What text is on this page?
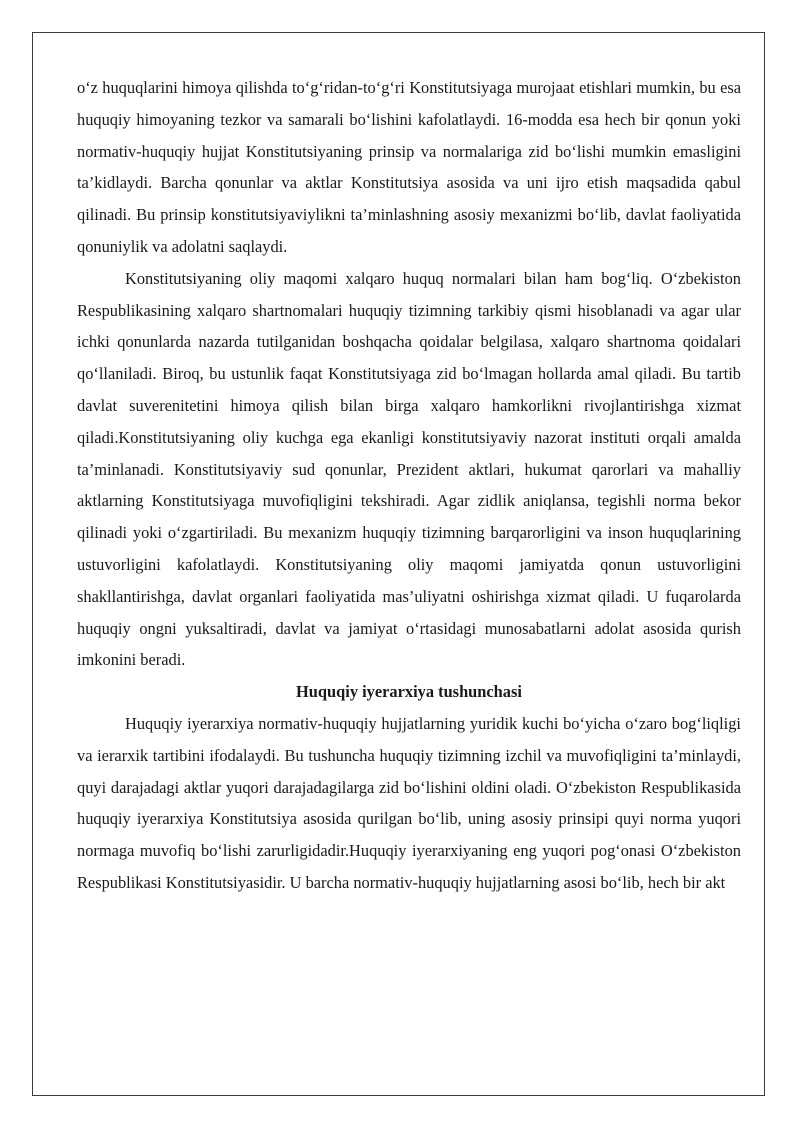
o‘z huquqlarini himoya qilishda to‘g‘ridan-to‘g‘ri Konstitutsiyaga murojaat etishlari mumkin, bu esa huquqiy himoyaning tezkor va samarali bo‘lishini kafolatlaydi. 16-modda esa hech bir qonun yoki normativ-huquqiy hujjat Konstitutsiyaning prinsip va normalariga zid bo‘lishi mumkin emasligini ta’kidlaydi. Barcha qonunlar va aktlar Konstitutsiya asosida va uni ijro etish maqsadida qabul qilinadi. Bu prinsip konstitutsiyaviylikni ta’minlashning asosiy mexanizmi bo‘lib, davlat faoliyatida qonuniylik va adolatni saqlaydi.

Konstitutsiyaning oliy maqomi xalqaro huquq normalari bilan ham bog‘liq. O‘zbekiston Respublikasining xalqaro shartnomalari huquqiy tizimning tarkibiy qismi hisoblanadi va agar ular ichki qonunlarda nazarda tutilganidan boshqacha qoidalar belgilasa, xalqaro shartnoma qoidalari qo‘llaniladi. Biroq, bu ustunlik faqat Konstitutsiyaga zid bo‘lmagan hollarda amal qiladi. Bu tartib davlat suverenitetini himoya qilish bilan birga xalqaro hamkorlikni rivojlantirishga xizmat qiladi.Konstitutsiyaning oliy kuchga ega ekanligi konstitutsiyaviy nazorat instituti orqali amalda ta’minlanadi. Konstitutsiyaviy sud qonunlar, Prezident aktlari, hukumat qarorlari va mahalliy aktlarning Konstitutsiyaga muvofiqligini tekshiradi. Agar zidlik aniqlansa, tegishli norma bekor qilinadi yoki o‘zgartiriladi. Bu mexanizm huquqiy tizimning barqarorligini va inson huquqlarining ustuvorligini kafolatlaydi. Konstitutsiyaning oliy maqomi jamiyatda qonun ustuvorligini shakllantirishga, davlat organlari faoliyatida mas’uliyatni oshirishga xizmat qiladi. U fuqarolarda huquqiy ongni yuksaltiradi, davlat va jamiyat o‘rtasidagi munosabatlarni adolat asosida qurish imkonini beradi.

Huquqiy iyerarxiya tushunchasi

Huquqiy iyerarxiya normativ-huquqiy hujjatlarning yuridik kuchi bo‘yicha o‘zaro bog‘liqligi va ierarxik tartibini ifodalaydi. Bu tushuncha huquqiy tizimning izchil va muvofiqligini ta’minlaydi, quyi darajadagi aktlar yuqori darajadagilarga zid bo‘lishini oldini oladi. O‘zbekiston Respublikasida huquqiy iyerarxiya Konstitutsiya asosida qurilgan bo‘lib, uning asosiy prinsipi quyi norma yuqori normaga muvofiq bo‘lishi zarurligidadir.Huquqiy iyerarxiyaning eng yuqori pog‘onasi O‘zbekiston Respublikasi Konstitutsiyasidir. U barcha normativ-huquqiy hujjatlarning asosi bo‘lib, hech bir akt
